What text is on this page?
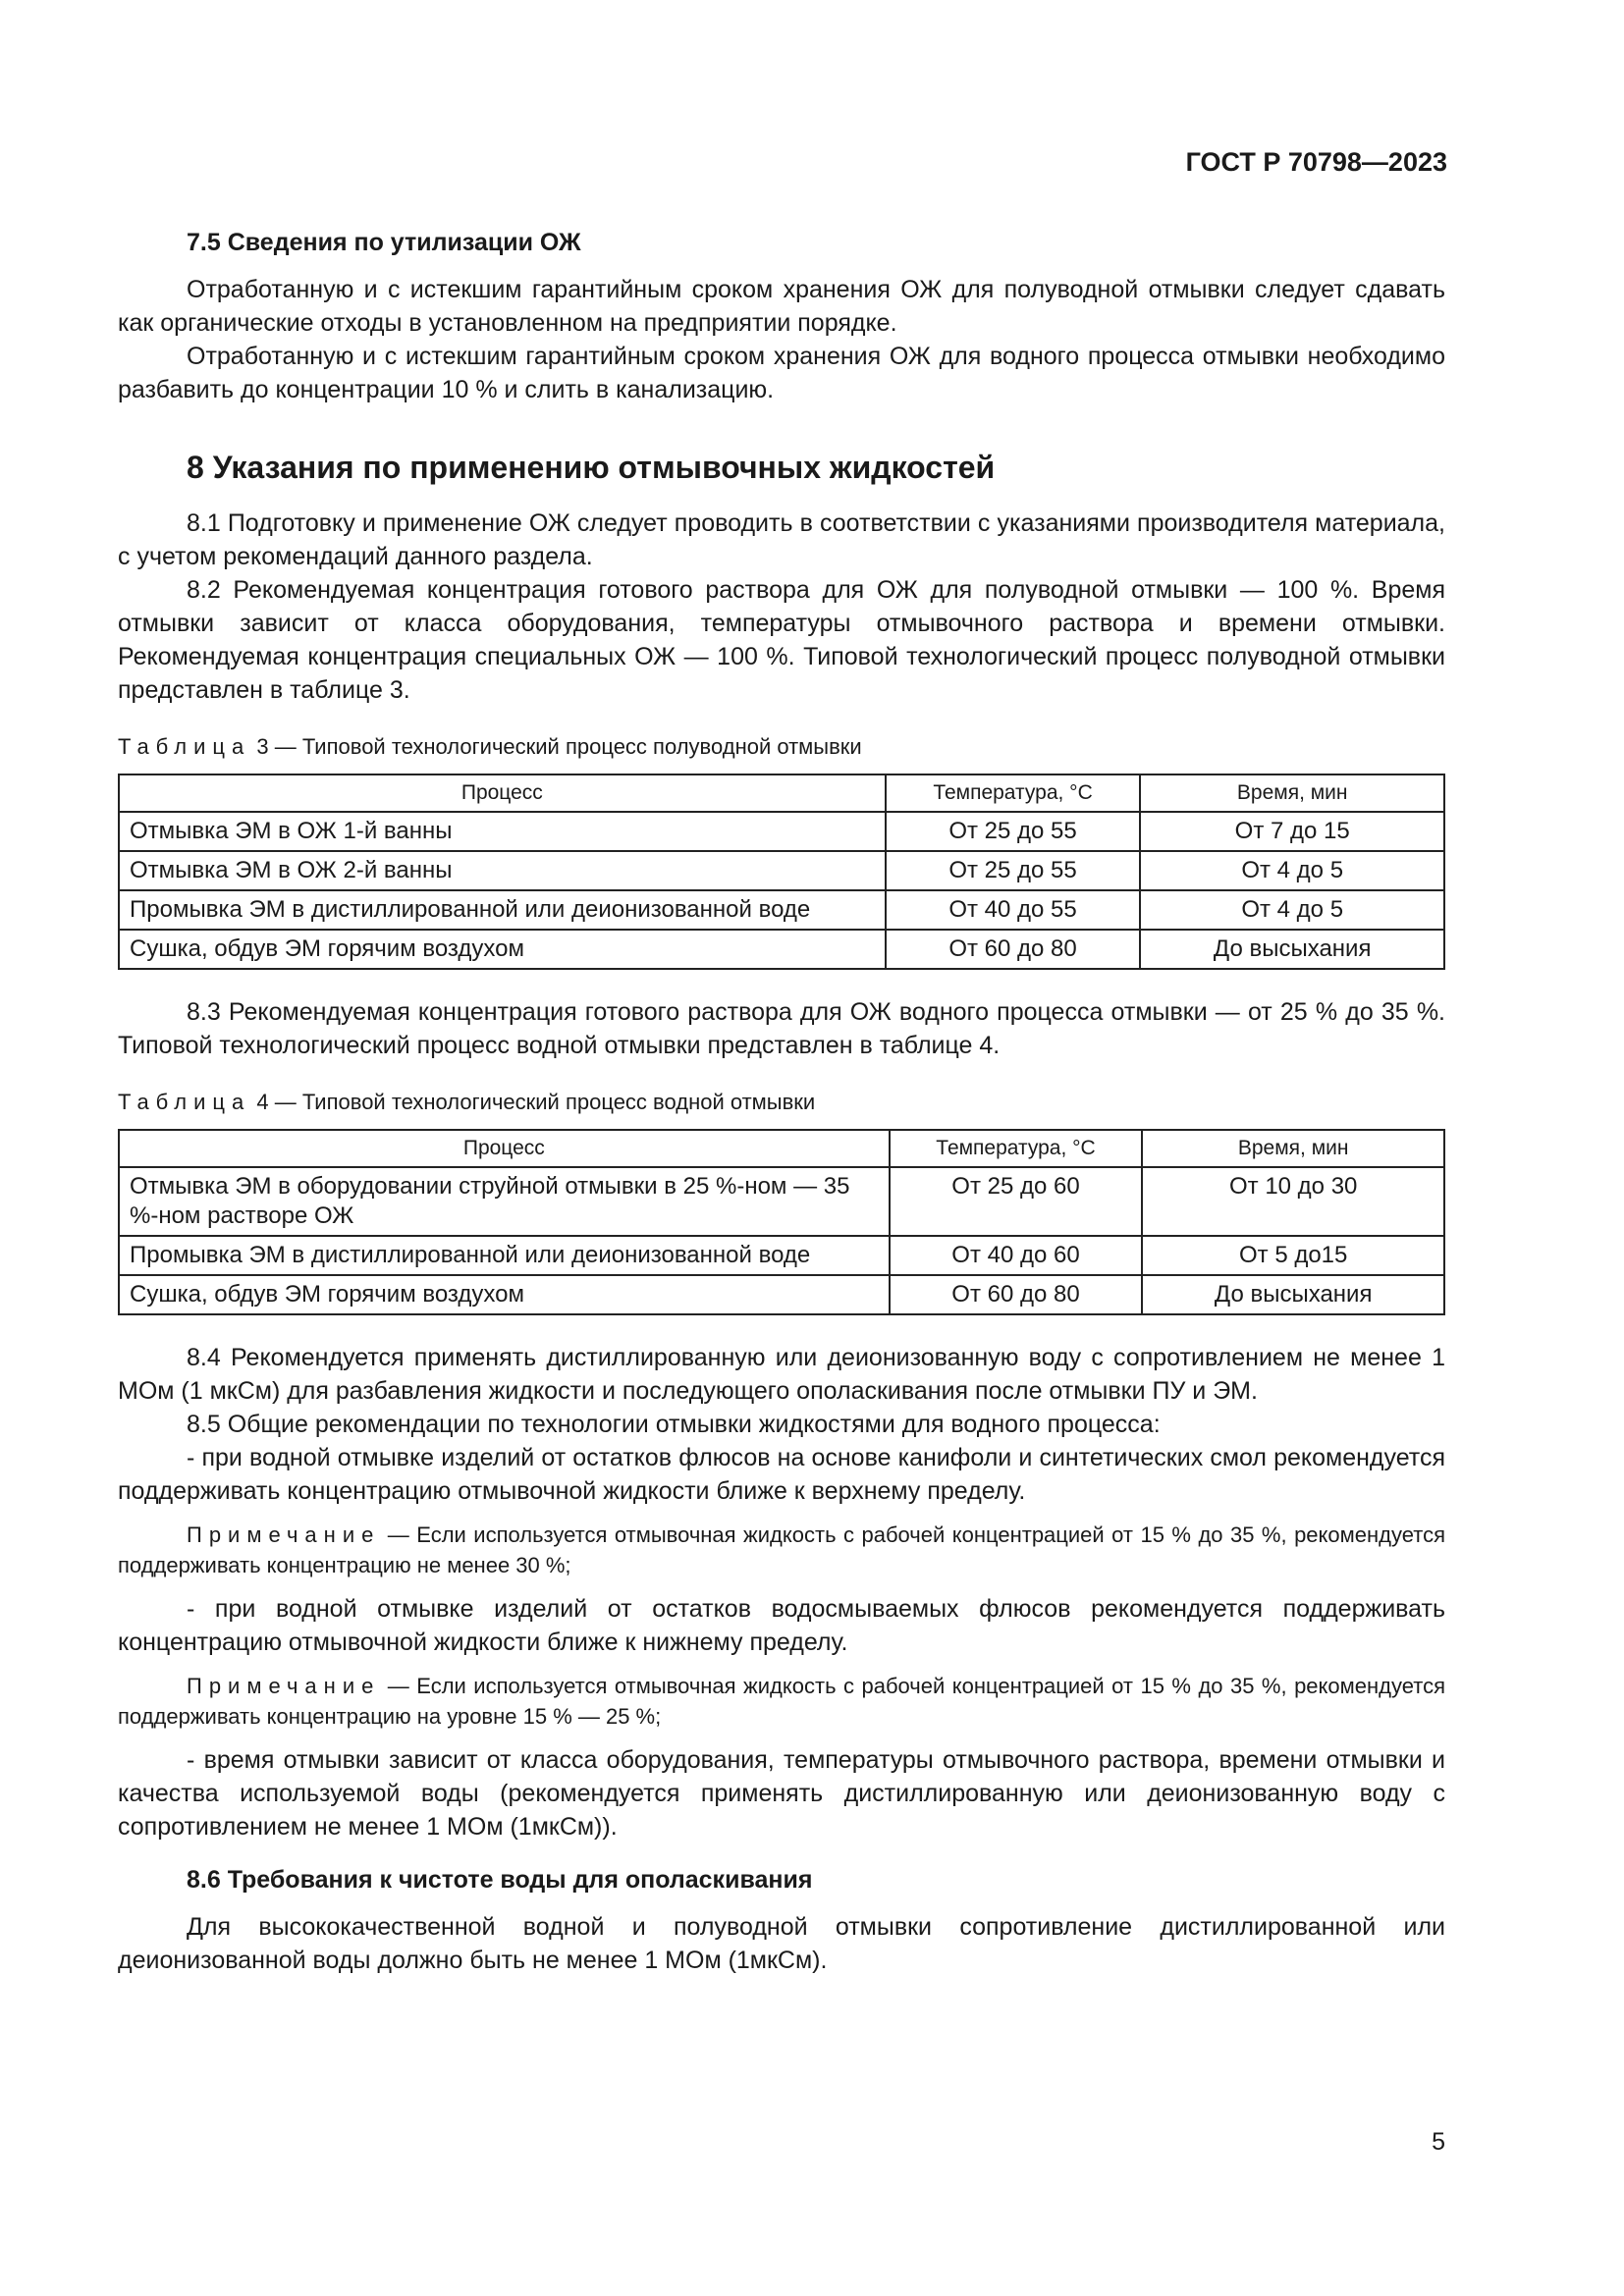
ГОСТ Р 70798—2023
7.5 Сведения по утилизации ОЖ

Отработанную и с истекшим гарантийным сроком хранения ОЖ для полуводной отмывки следует сдавать как органические отходы в установленном на предприятии порядке.

Отработанную и с истекшим гарантийным сроком хранения ОЖ для водного процесса отмывки необходимо разбавить до концентрации 10 % и слить в канализацию.

8 Указания по применению отмывочных жидкостей

8.1 Подготовку и применение ОЖ следует проводить в соответствии с указаниями производителя материала, с учетом рекомендаций данного раздела.

8.2 Рекомендуемая концентрация готового раствора для ОЖ для полуводной отмывки — 100 %. Время отмывки зависит от класса оборудования, температуры отмывочного раствора и времени отмывки. Рекомендуемая концентрация специальных ОЖ — 100 %. Типовой технологический процесс полуводной отмывки представлен в таблице 3.

Таблица 3 — Типовой технологический процесс полуводной отмывки
Процесс	Температура, °С	Время, мин
Отмывка ЭМ в ОЖ 1-й ванны	От 25 до 55	От 7 до 15
Отмывка ЭМ в ОЖ 2-й ванны	От 25 до 55	От 4 до 5
Промывка ЭМ в дистиллированной или деионизованной воде	От 40 до 55	От 4 до 5
Сушка, обдув ЭМ горячим воздухом	От 60 до 80	До высыхания

8.3 Рекомендуемая концентрация готового раствора для ОЖ водного процесса отмывки — от 25 % до 35 %. Типовой технологический процесс водной отмывки представлен в таблице 4.

Таблица 4 — Типовой технологический процесс водной отмывки
Процесс	Температура, °С	Время, мин
Отмывка ЭМ в оборудовании струйной отмывки в 25 %-ном — 35 %-ном растворе ОЖ	От 25 до 60	От 10 до 30
Промывка ЭМ в дистиллированной или деионизованной воде	От 40 до 60	От 5 до15
Сушка, обдув ЭМ горячим воздухом	От 60 до 80	До высыхания

8.4 Рекомендуется применять дистиллированную или деионизованную воду с сопротивлением не менее 1 МОм (1 мкСм) для разбавления жидкости и последующего ополаскивания после отмывки ПУ и ЭМ.

8.5 Общие рекомендации по технологии отмывки жидкостями для водного процесса:

- при водной отмывке изделий от остатков флюсов на основе канифоли и синтетических смол рекомендуется поддерживать концентрацию отмывочной жидкости ближе к верхнему пределу.

Примечание — Если используется отмывочная жидкость с рабочей концентрацией от 15 % до 35 %, рекомендуется поддерживать концентрацию не менее 30 %;

- при водной отмывке изделий от остатков водосмываемых флюсов рекомендуется поддерживать концентрацию отмывочной жидкости ближе к нижнему пределу.

Примечание — Если используется отмывочная жидкость с рабочей концентрацией от 15 % до 35 %, рекомендуется поддерживать концентрацию на уровне 15 % — 25 %;

- время отмывки зависит от класса оборудования, температуры отмывочного раствора, времени отмывки и качества используемой воды (рекомендуется применять дистиллированную или деионизованную воду с сопротивлением не менее 1 МОм (1мкСм)).

8.6 Требования к чистоте воды для ополаскивания

Для высококачественной водной и полуводной отмывки сопротивление дистиллированной или деионизованной воды должно быть не менее 1 МОм (1мкСм).

5
